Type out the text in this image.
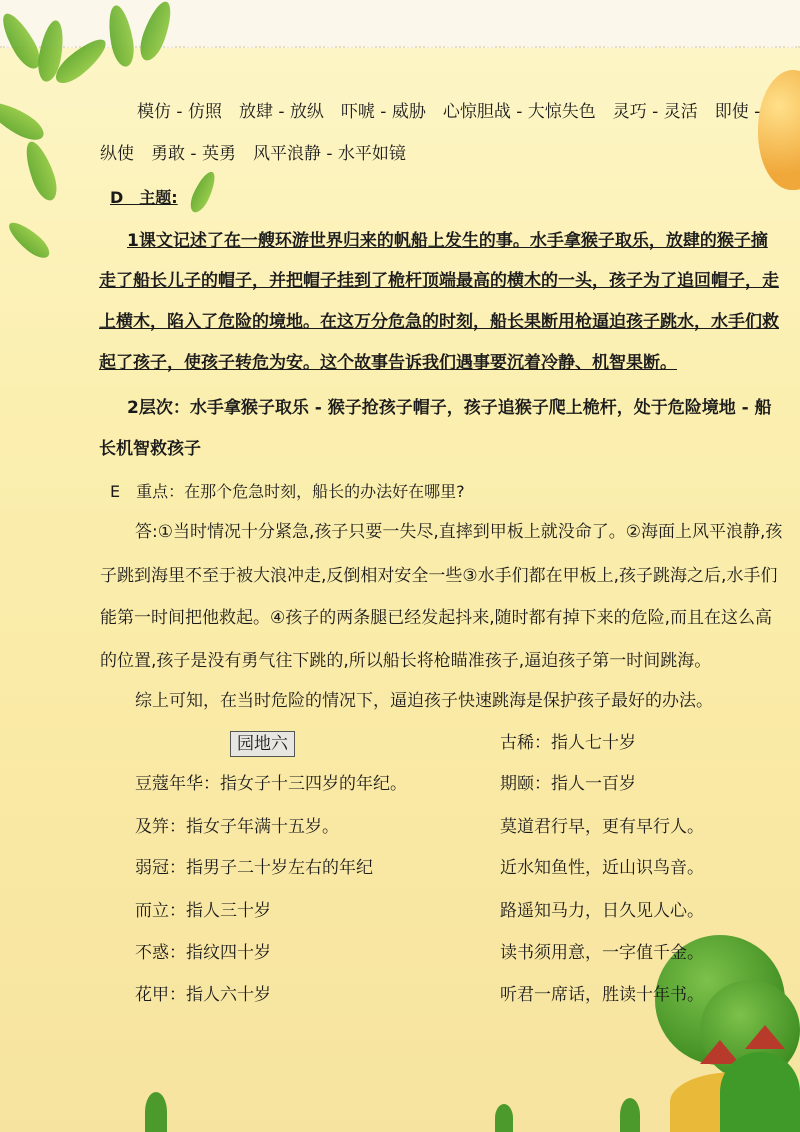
模仿 - 仿照　放肆 - 放纵　吓唬 - 威胁　心惊胆战 - 大惊失色　灵巧 - 灵活　即使 -
纵使　勇敢 - 英勇　风平浪静 - 水平如镜
D　主题:
1课文记述了在一艘环游世界归来的帆船上发生的事。水手拿猴子取乐，放肆的猴子摘
走了船长儿子的帽子，并把帽子挂到了桅杆顶端最高的横木的一头，孩子为了追回帽子，走
上横木，陷入了危险的境地。在这万分危急的时刻，船长果断用枪逼迫孩子跳水，水手们救
起了孩子，使孩子转危为安。这个故事告诉我们遇事要沉着冷静、机智果断。
2层次：水手拿猴子取乐 - 猴子抢孩子帽子，孩子追猴子爬上桅杆，处于危险境地 - 船
长机智救孩子
E　重点：在那个危急时刻，船长的办法好在哪里?
答:①当时情况十分紧急,孩子只要一失尽,直摔到甲板上就没命了。②海面上风平浪静,孩
子跳到海里不至于被大浪冲走,反倒相对安全一些③水手们都在甲板上,孩子跳海之后,水手们
能第一时间把他救起。④孩子的两条腿已经发起抖来,随时都有掉下来的危险,而且在这么高
的位置,孩子是没有勇气往下跳的,所以船长将枪瞄准孩子,逼迫孩子第一时间跳海。
综上可知，在当时危险的情况下，逼迫孩子快速跳海是保护孩子最好的办法。
园地六
豆蔻年华：指女子十三四岁的年纪。
及笄：指女子年满十五岁。
弱冠：指男子二十岁左右的年纪
而立：指人三十岁
不惑：指纹四十岁
花甲：指人六十岁
古稀：指人七十岁
期颐：指人一百岁
莫道君行早，更有早行人。
近水知鱼性，近山识鸟音。
路遥知马力，日久见人心。
读书须用意，一字值千金。
听君一席话，胜读十年书。
